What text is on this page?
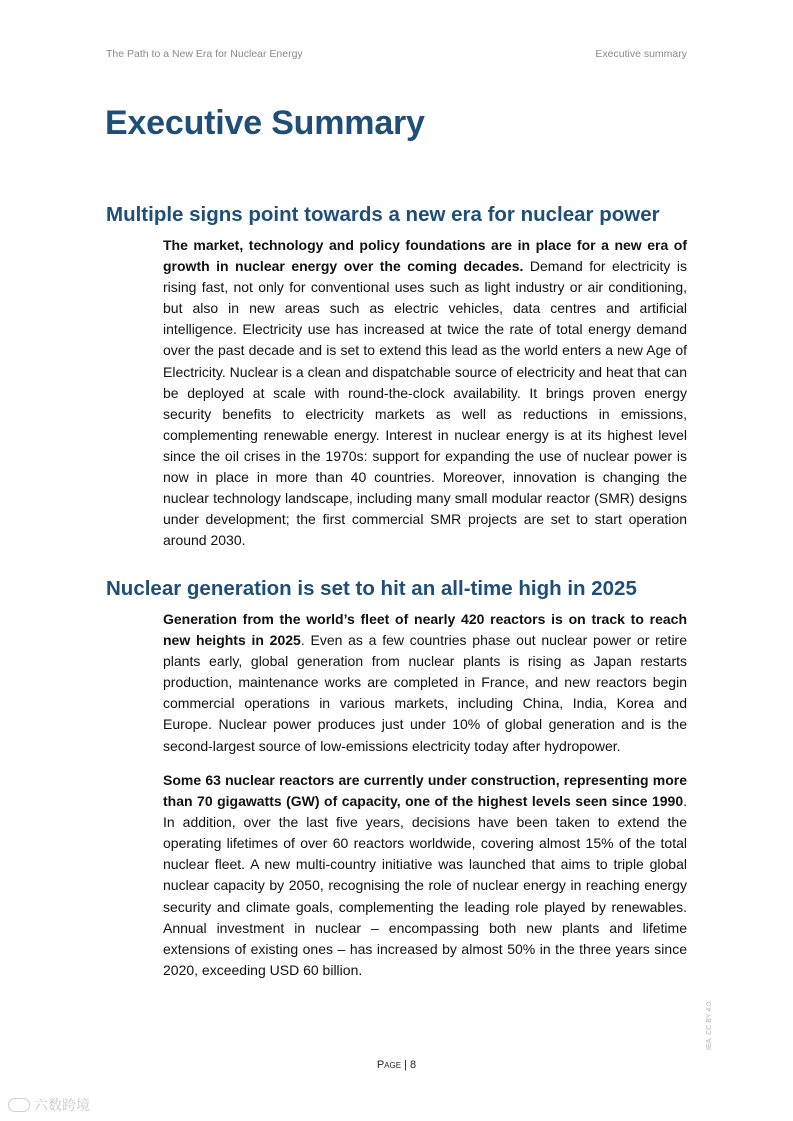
The Path to a New Era for Nuclear Energy	Executive summary
Executive Summary
Multiple signs point towards a new era for nuclear power

The market, technology and policy foundations are in place for a new era of growth in nuclear energy over the coming decades. Demand for electricity is rising fast, not only for conventional uses such as light industry or air conditioning, but also in new areas such as electric vehicles, data centres and artificial intelligence. Electricity use has increased at twice the rate of total energy demand over the past decade and is set to extend this lead as the world enters a new Age of Electricity. Nuclear is a clean and dispatchable source of electricity and heat that can be deployed at scale with round-the-clock availability. It brings proven energy security benefits to electricity markets as well as reductions in emissions, complementing renewable energy. Interest in nuclear energy is at its highest level since the oil crises in the 1970s: support for expanding the use of nuclear power is now in place in more than 40 countries. Moreover, innovation is changing the nuclear technology landscape, including many small modular reactor (SMR) designs under development; the first commercial SMR projects are set to start operation around 2030.

Nuclear generation is set to hit an all-time high in 2025

Generation from the world’s fleet of nearly 420 reactors is on track to reach new heights in 2025. Even as a few countries phase out nuclear power or retire plants early, global generation from nuclear plants is rising as Japan restarts production, maintenance works are completed in France, and new reactors begin commercial operations in various markets, including China, India, Korea and Europe. Nuclear power produces just under 10% of global generation and is the second-largest source of low-emissions electricity today after hydropower.

Some 63 nuclear reactors are currently under construction, representing more than 70 gigawatts (GW) of capacity, one of the highest levels seen since 1990. In addition, over the last five years, decisions have been taken to extend the operating lifetimes of over 60 reactors worldwide, covering almost 15% of the total nuclear fleet. A new multi-country initiative was launched that aims to triple global nuclear capacity by 2050, recognising the role of nuclear energy in reaching energy security and climate goals, complementing the leading role played by renewables. Annual investment in nuclear – encompassing both new plants and lifetime extensions of existing ones – has increased by almost 50% in the three years since 2020, exceeding USD 60 billion.

Page | 8
IEA. CC BY 4.0.
六数跨境
